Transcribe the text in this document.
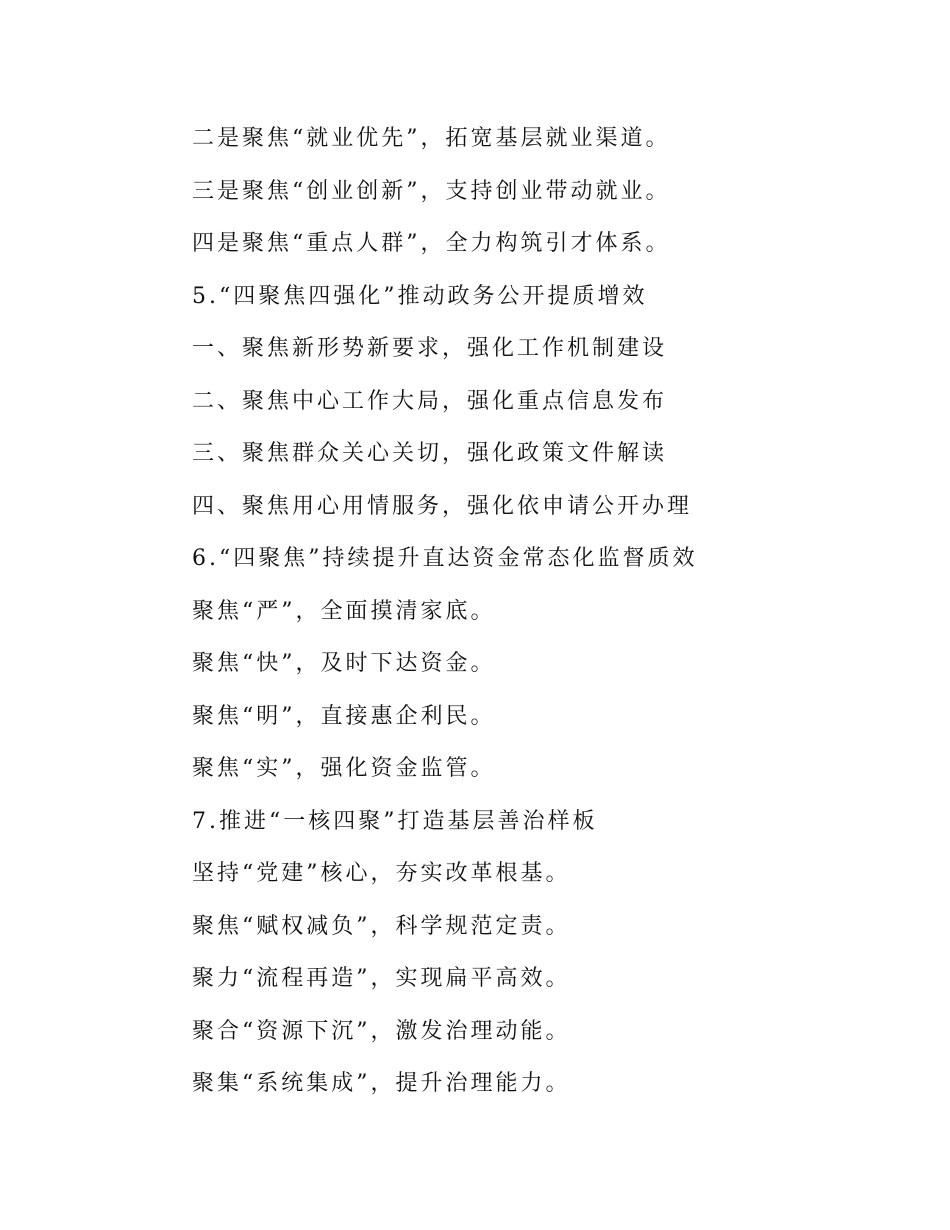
二是聚焦“就业优先”，拓宽基层就业渠道。
三是聚焦“创业创新”，支持创业带动就业。
四是聚焦“重点人群”，全力构筑引才体系。
5.“四聚焦四强化”推动政务公开提质增效
一、聚焦新形势新要求，强化工作机制建设
二、聚焦中心工作大局，强化重点信息发布
三、聚焦群众关心关切，强化政策文件解读
四、聚焦用心用情服务，强化依申请公开办理
6.“四聚焦”持续提升直达资金常态化监督质效
聚焦“严”，全面摸清家底。
聚焦“快”，及时下达资金。
聚焦“明”，直接惠企利民。
聚焦“实”，强化资金监管。
7.推进“一核四聚”打造基层善治样板
坚持“党建”核心，夯实改革根基。
聚焦“赋权减负”，科学规范定责。
聚力“流程再造”，实现扁平高效。
聚合“资源下沉”，激发治理动能。
聚集“系统集成”，提升治理能力。
